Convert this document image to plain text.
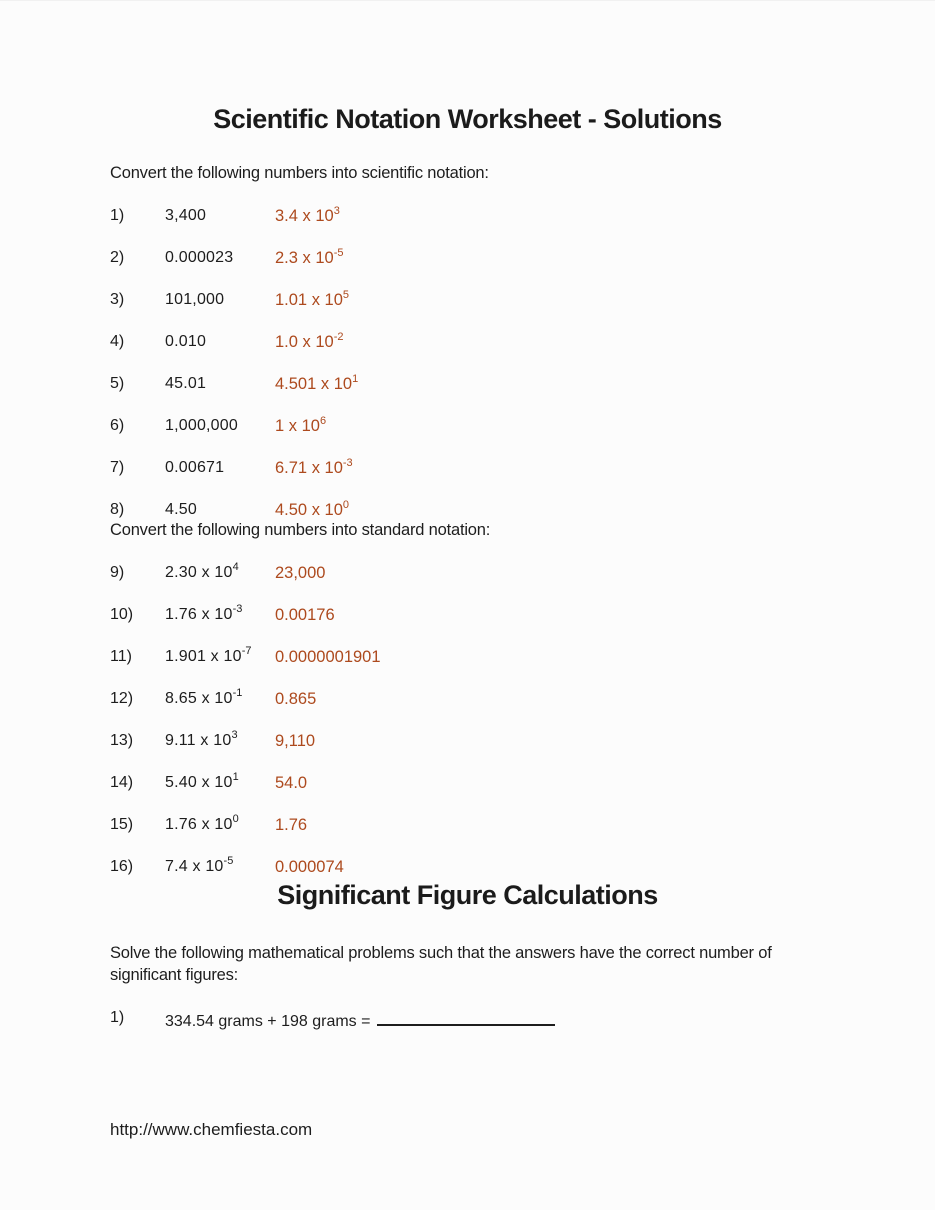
Scientific Notation Worksheet - Solutions
Convert the following numbers into scientific notation:
1)	3,400	3.4 x $10^3$
2)	0.000023	2.3 x $10^{-5}$
3)	101,000	1.01 x $10^5$
4)	0.010	1.0 x $10^{-2}$
5)	45.01	4.501 x $10^1$
6)	1,000,000	1 x $10^6$
7)	0.00671	6.71 x $10^{-3}$
8)	4.50	4.50 x $10^0$
Convert the following numbers into standard notation:
9)	2.30 x $10^4$	23,000
10)	1.76 x $10^{-3}$	0.00176
11)	1.901 x $10^{-7}$	0.0000001901
12)	8.65 x $10^{-1}$	0.865
13)	9.11 x $10^3$	9,110
14)	5.40 x $10^1$	54.0
15)	1.76 x $10^0$	1.76
16)	7.4 x $10^{-5}$	0.000074
Significant Figure Calculations
Solve the following mathematical problems such that the answers have the correct number of significant figures:
1)	334.54 grams + 198 grams =
http://www.chemfiesta.com
